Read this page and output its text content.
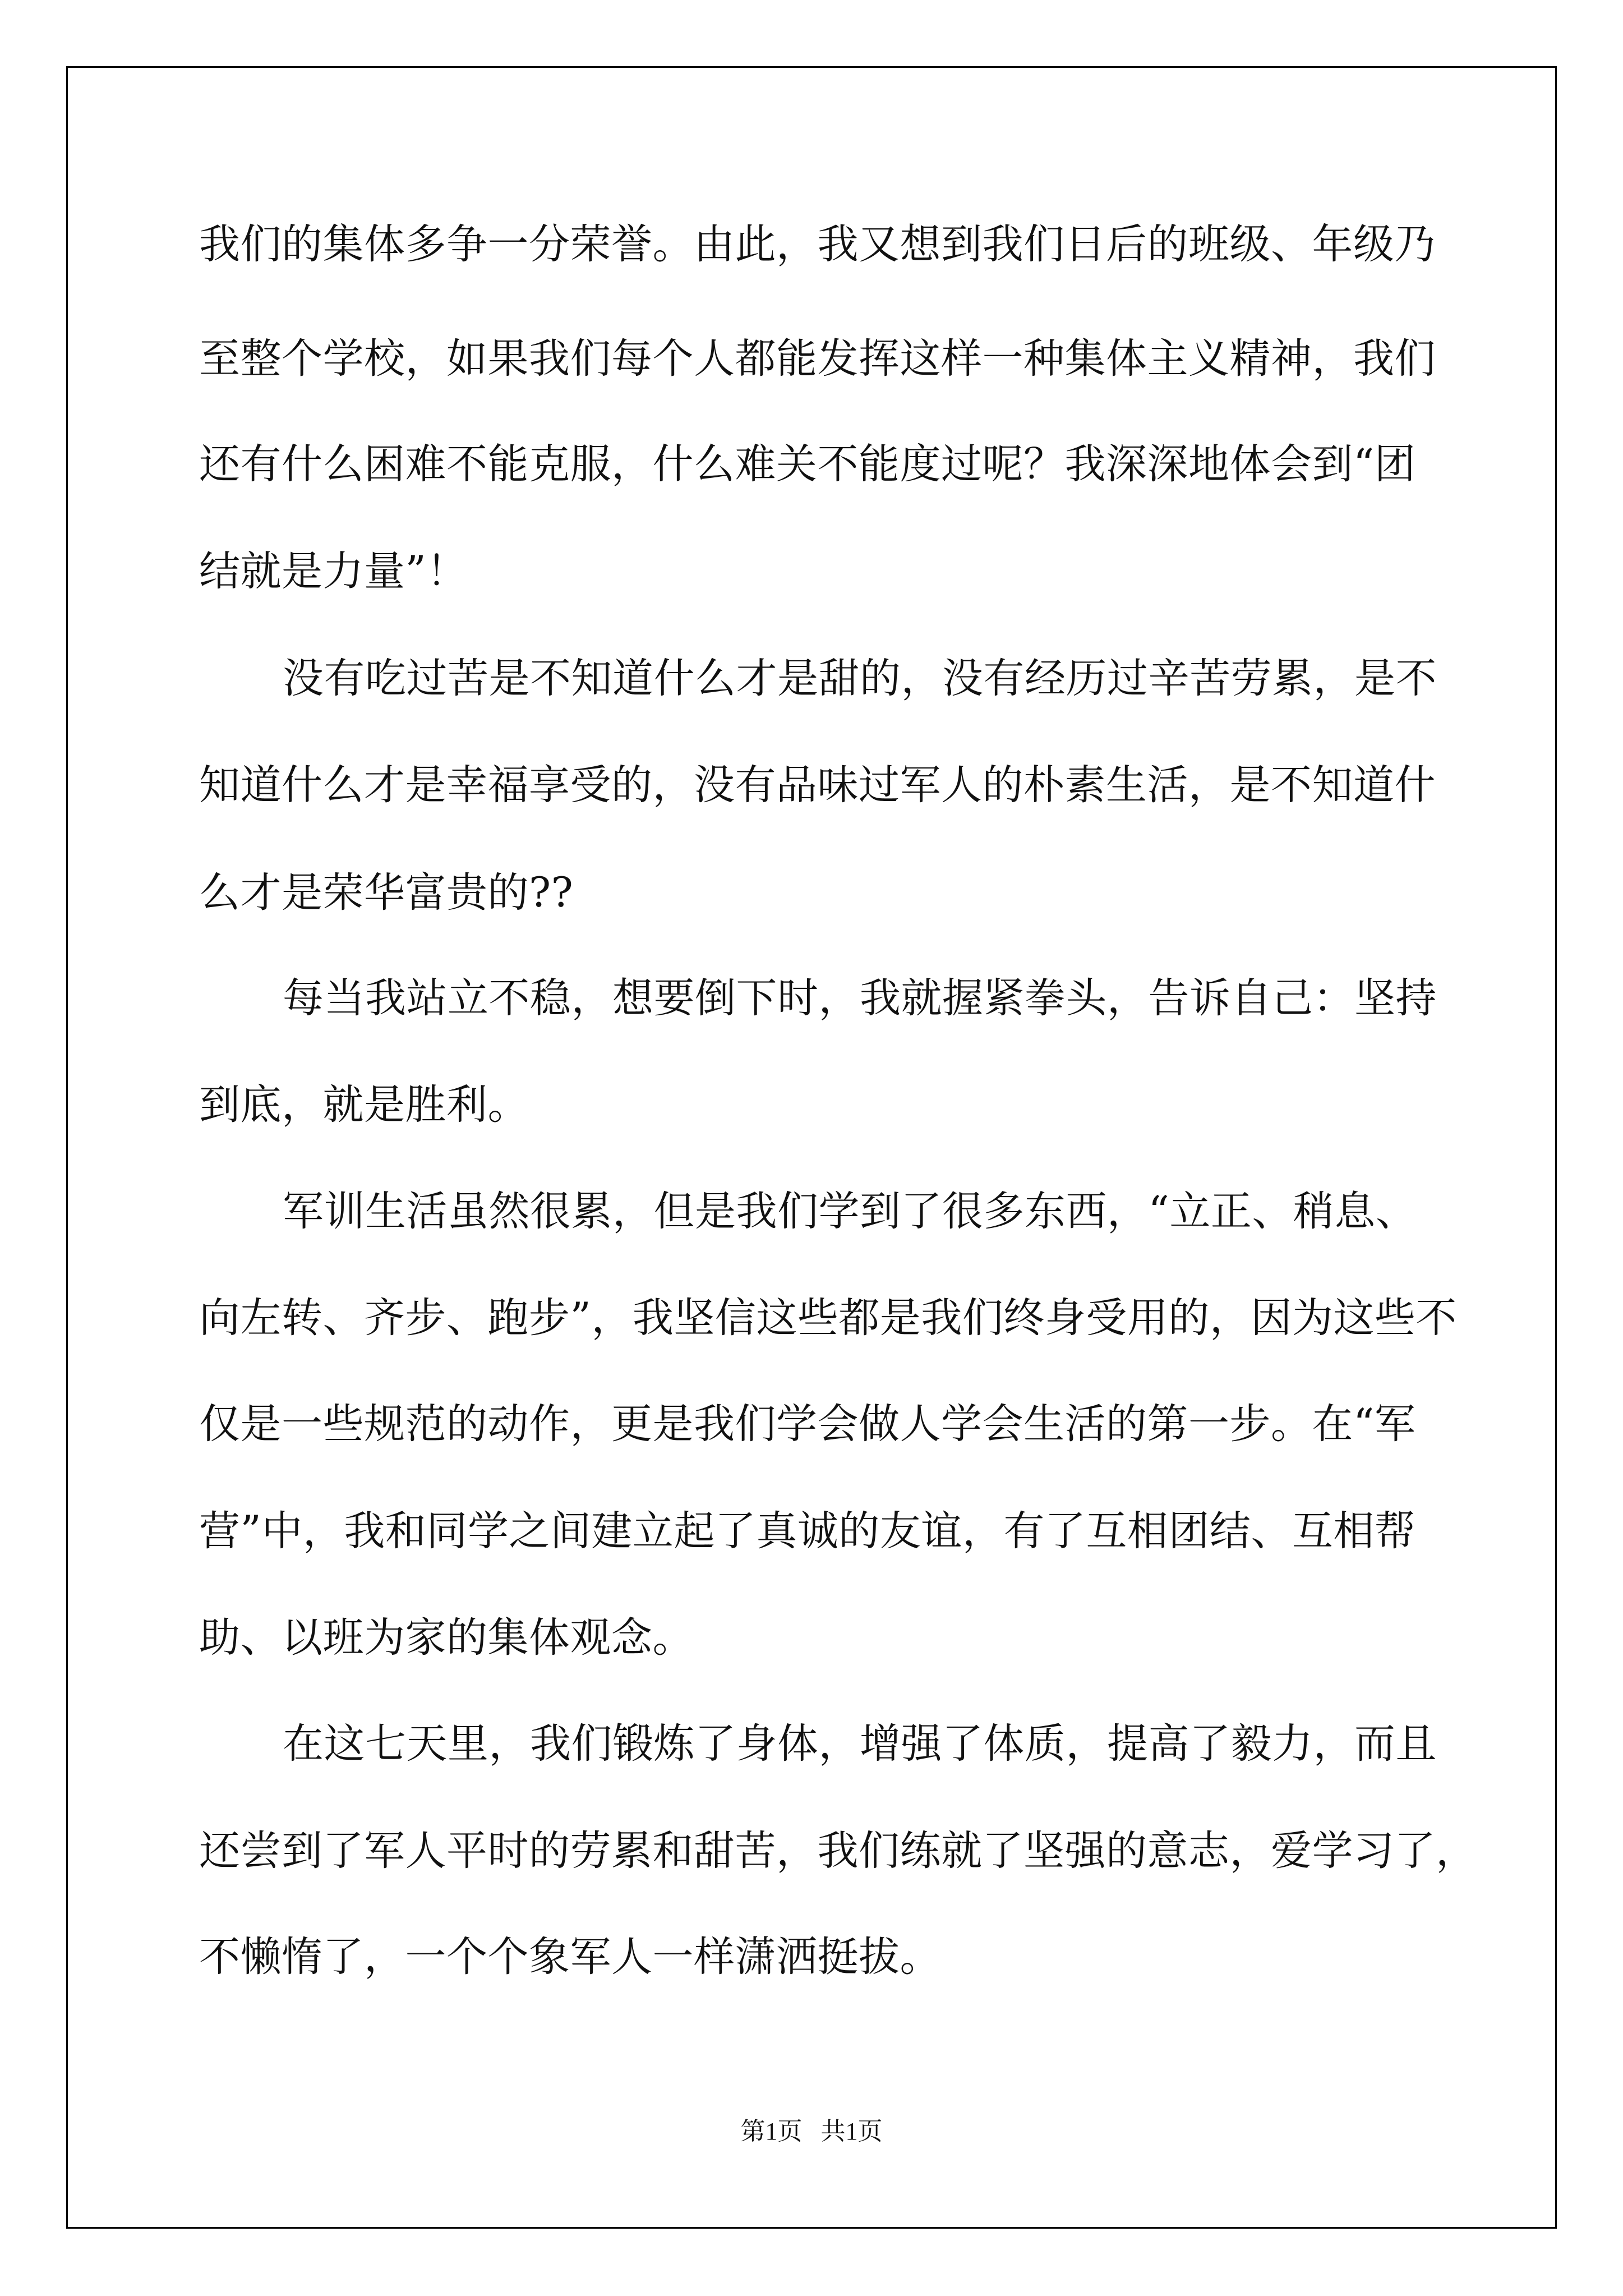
我们的集体多争一分荣誉。由此，我又想到我们日后的班级、年级乃

至整个学校，如果我们每个人都能发挥这样一种集体主义精神，我们

还有什么困难不能克服，什么难关不能度过呢？我深深地体会到“团

结就是力量”！

没有吃过苦是不知道什么才是甜的，没有经历过辛苦劳累，是不

知道什么才是幸福享受的，没有品味过军人的朴素生活，是不知道什

么才是荣华富贵的??

每当我站立不稳，想要倒下时，我就握紧拳头，告诉自己：坚持

到底，就是胜利。

军训生活虽然很累，但是我们学到了很多东西，“立正、稍息、

向左转、齐步、跑步”，我坚信这些都是我们终身受用的，因为这些不

仅是一些规范的动作，更是我们学会做人学会生活的第一步。在“军

营”中，我和同学之间建立起了真诚的友谊，有了互相团结、互相帮

助、以班为家的集体观念。

在这七天里，我们锻炼了身体，增强了体质，提高了毅力，而且

还尝到了军人平时的劳累和甜苦，我们练就了坚强的意志，爱学习了，

不懒惰了，一个个象军人一样潇洒挺拔。

第1页   共1页
